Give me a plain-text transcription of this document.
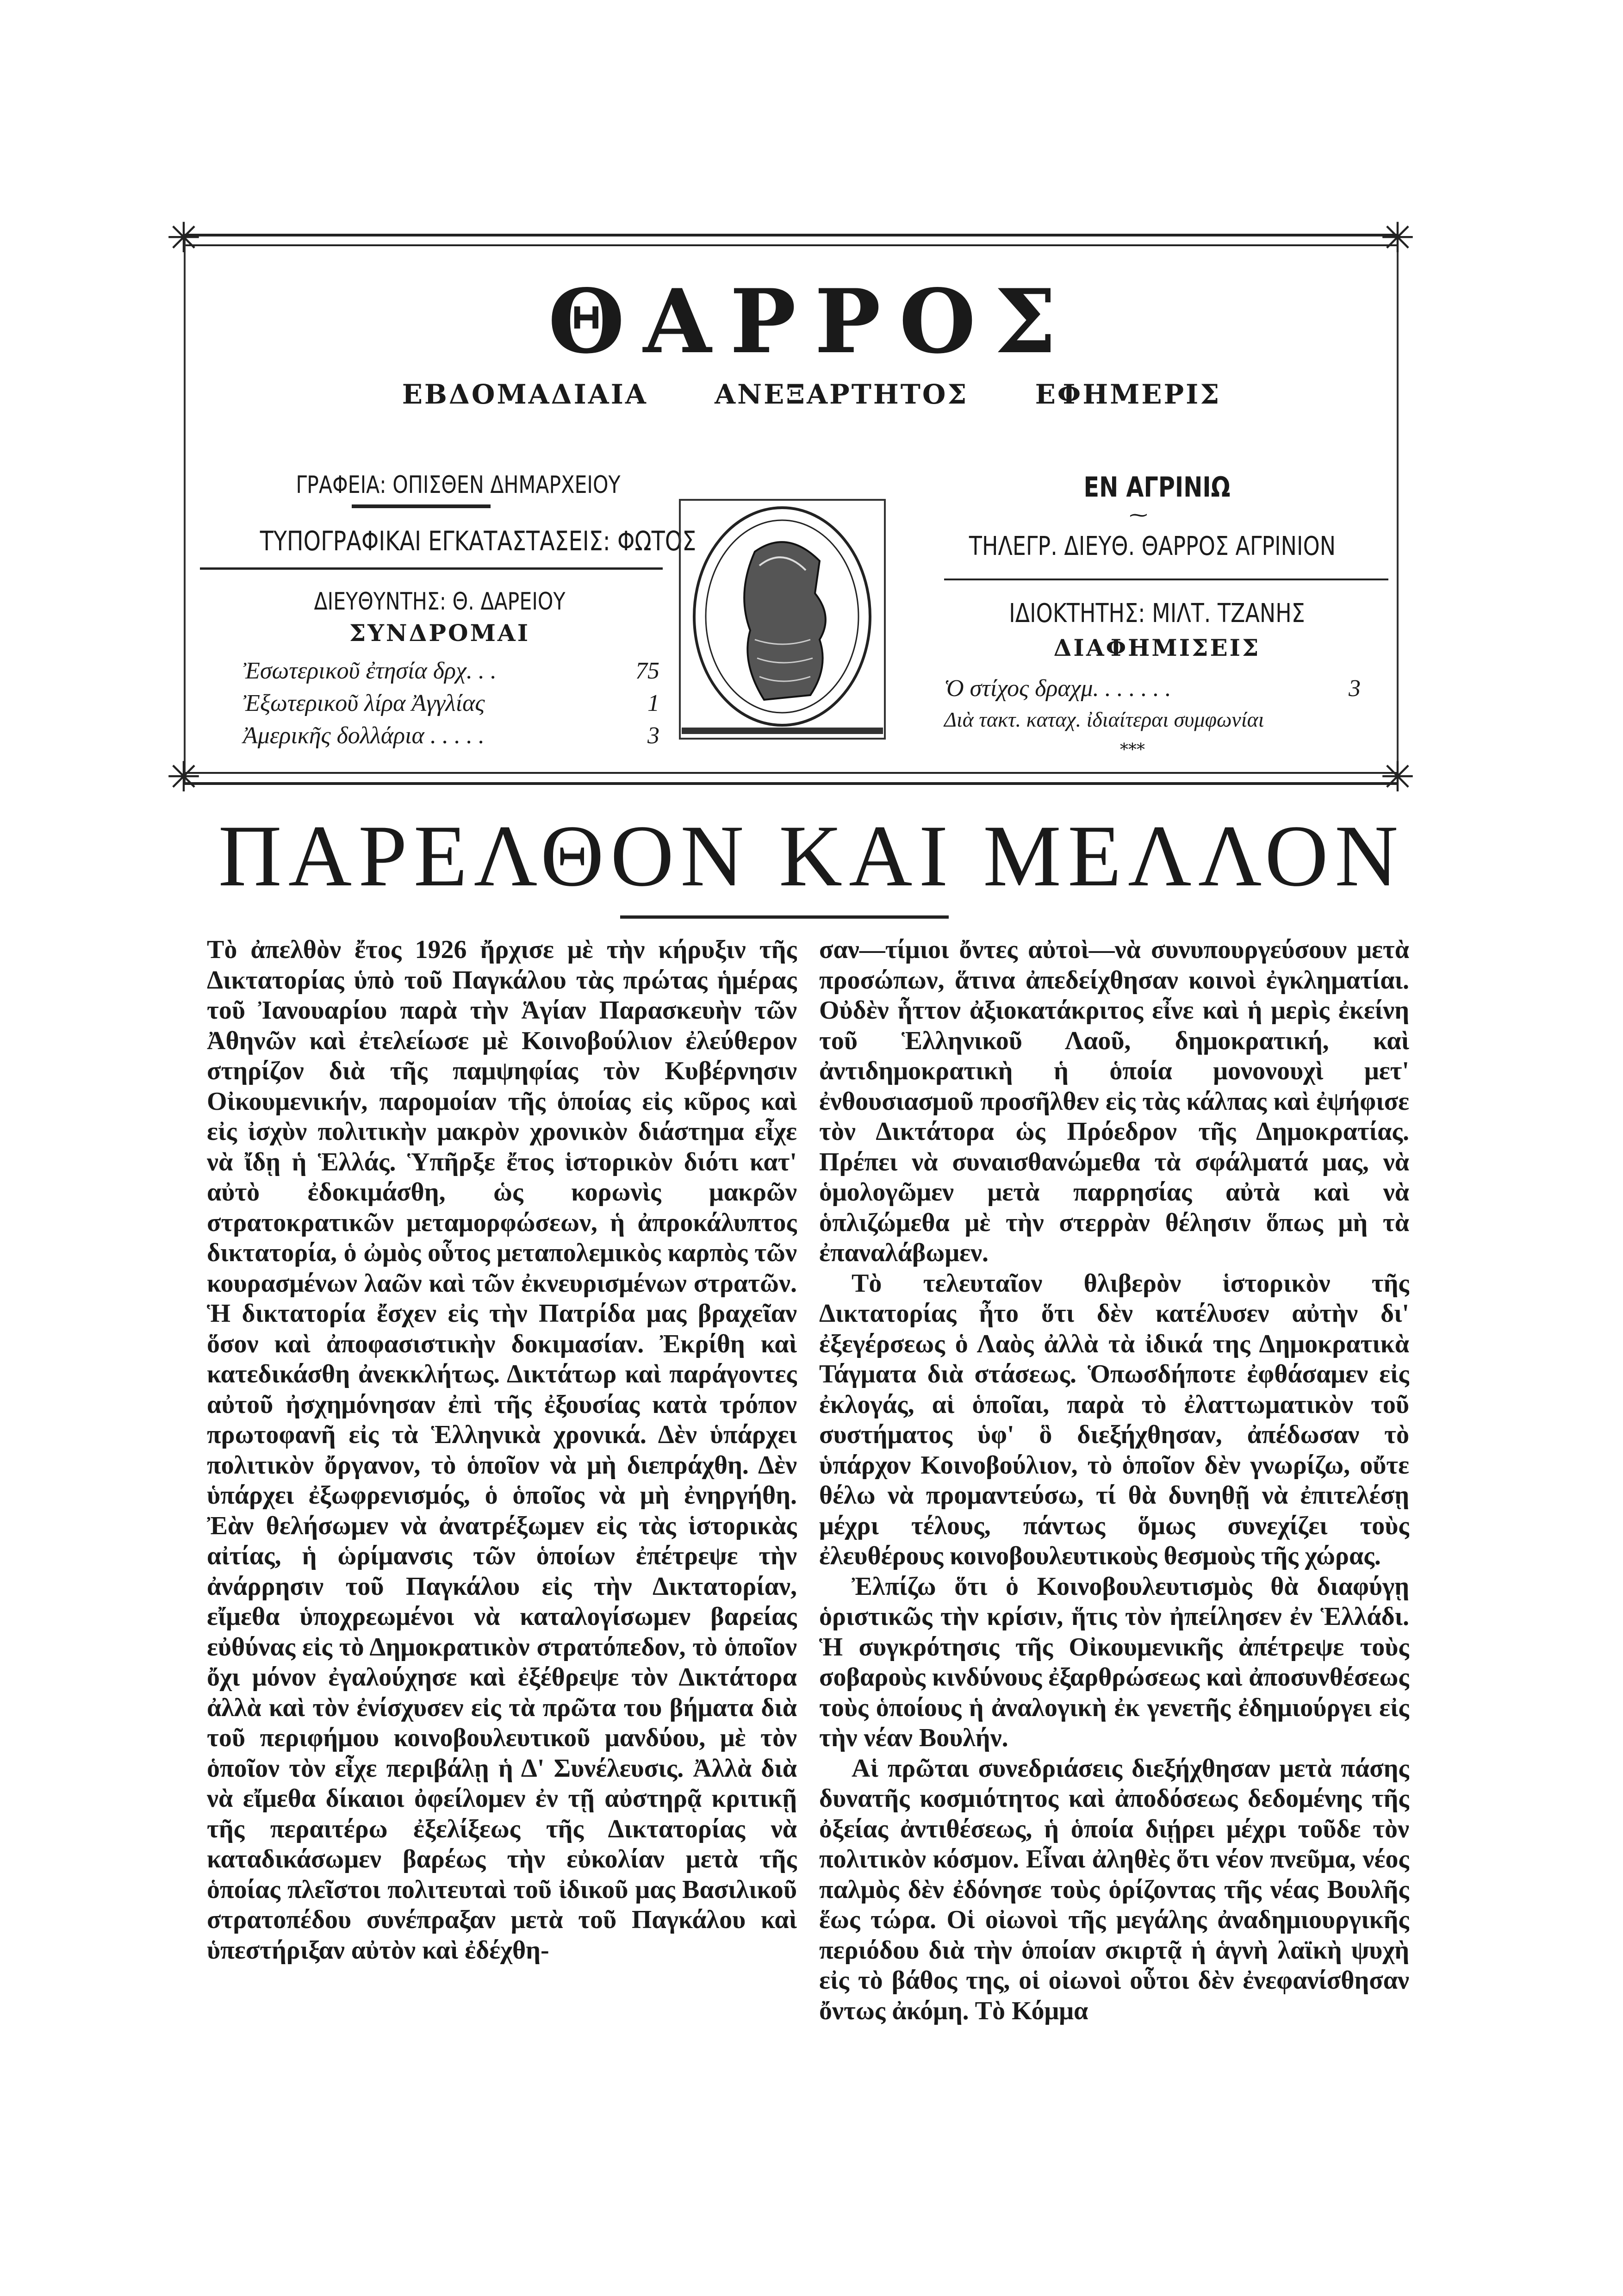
✳	✳
✳	✳
ΘΑΡΡΟΣ
ΕΒΔΟΜΑΔΙΑΙΑ ΑΝΕΞΑΡΤΗΤΟΣ ΕΦΗΜΕΡΙΣ
ΓΡΑΦΕΙΑ: ΟΠΙΣΘΕΝ ΔΗΜΑΡΧΕΙΟΥ
ΤΥΠΟΓΡΑΦΙΚΑΙ ΕΓΚΑΤΑΣΤΑΣΕΙΣ: ΦΩΤΟΣ
ΔΙΕΥΘΥΝΤΗΣ: Θ. ΔΑΡΕΙΟΥ
ΣΥΝΔΡΟΜΑΙ
Ἐσωτερικοῦ ἐτησία δρχ. . .	75
Ἐξωτερικοῦ λίρα Ἀγγλίας	1
Ἀμερικῆς δολλάρια . . . . .	3
ΕΝ ΑΓΡΙΝΙΩ
⁓
ΤΗΛΕΓΡ. ΔΙΕΥΘ. ΘΑΡΡΟΣ ΑΓΡΙΝΙΟΝ
ΙΔΙΟΚΤΗΤΗΣ: ΜΙΛΤ. ΤΖΑΝΗΣ
ΔΙΑΦΗΜΙΣΕΙΣ
Ὁ στίχος δραχμ. . . . . . .	3
Διὰ τακτ. καταχ. ἰδιαίτεραι συμφωνίαι
***
ΠΑΡΕΛΘΟΝ ΚΑΙ ΜΕΛΛΟΝ

Τὸ ἀπελθὸν ἔτος 1926 ἤρχισε μὲ τὴν κήρυξιν τῆς Δικτατορίας ὑπὸ τοῦ Παγκάλου τὰς πρώτας ἡμέρας τοῦ Ἰανουαρίου παρὰ τὴν Ἁγίαν Παρασκευὴν τῶν Ἀθηνῶν καὶ ἐτελείωσε μὲ Κοινοβούλιον ἐλεύθερον στηρίζον διὰ τῆς παμψηφίας τὸν Κυβέρνησιν Οἰκουμενικήν, παρομοίαν τῆς ὁποίας εἰς κῦρος καὶ εἰς ἰσχὺν πολιτικὴν μακρὸν χρονικὸν διάστημα εἶχε νὰ ἴδῃ ἡ Ἑλλάς. Ὑπῆρξε ἔτος ἱστορικὸν διότι κατ' αὐτὸ ἐδοκιμάσθη, ὡς κορωνὶς μακρῶν στρατοκρατικῶν μεταμορφώσεων, ἡ ἀπροκάλυπτος δικτατορία, ὁ ὠμὸς οὗτος μεταπολεμικὸς καρπὸς τῶν κουρασμένων λαῶν καὶ τῶν ἐκνευρισμένων στρατῶν. Ἡ δικτατορία ἔσχεν εἰς τὴν Πατρίδα μας βραχεῖαν ὅσον καὶ ἀποφασιστικὴν δοκιμασίαν. Ἐκρίθη καὶ κατεδικάσθη ἀνεκκλήτως. Δικτάτωρ καὶ παράγοντες αὐτοῦ ἠσχημόνησαν ἐπὶ τῆς ἐξουσίας κατὰ τρόπον πρωτοφανῆ εἰς τὰ Ἑλληνικὰ χρονικά. Δὲν ὑπάρχει πολιτικὸν ὄργανον, τὸ ὁποῖον νὰ μὴ διεπράχθη. Δὲν ὑπάρχει ἐξωφρενισμός, ὁ ὁποῖος νὰ μὴ ἐνηργήθη. Ἐὰν θελήσωμεν νὰ ἀνατρέξωμεν εἰς τὰς ἱστορικὰς αἰτίας, ἡ ὡρίμανσις τῶν ὁποίων ἐπέτρεψε τὴν ἀνάρρησιν τοῦ Παγκάλου εἰς τὴν Δικτατορίαν, εἴμεθα ὑποχρεωμένοι νὰ καταλογίσωμεν βαρείας εὐθύνας εἰς τὸ Δημοκρατικὸν στρατόπεδον, τὸ ὁποῖον ὄχι μόνον ἐγαλούχησε καὶ ἐξέθρεψε τὸν Δικτάτορα ἀλλὰ καὶ τὸν ἐνίσχυσεν εἰς τὰ πρῶτα του βήματα διὰ τοῦ περιφήμου κοινοβουλευτικοῦ μανδύου, μὲ τὸν ὁποῖον τὸν εἶχε περιβάλῃ ἡ Δ' Συνέλευσις. Ἀλλὰ διὰ νὰ εἴμεθα δίκαιοι ὀφείλομεν ἐν τῇ αὐστηρᾷ κριτικῇ τῆς περαιτέρω ἐξελίξεως τῆς Δικτατορίας νὰ καταδικάσωμεν βαρέως τὴν εὐκολίαν μετὰ τῆς ὁποίας πλεῖστοι πολιτευταὶ τοῦ ἰδικοῦ μας Βασιλικοῦ στρατοπέδου συνέπραξαν μετὰ τοῦ Παγκάλου καὶ ὑπεστήριξαν αὐτὸν καὶ ἐδέχθη-

σαν—τίμιοι ὄντες αὐτοὶ—νὰ συνυπουργεύσουν μετὰ προσώπων, ἅτινα ἀπεδείχθησαν κοινοὶ ἐγκληματίαι. Οὐδὲν ἧττον ἀξιοκατάκριτος εἶνε καὶ ἡ μερὶς ἐκείνη τοῦ Ἑλληνικοῦ Λαοῦ, δημοκρατική, καὶ ἀντιδημοκρατικὴ ἡ ὁποία μονονουχὶ μετ' ἐνθουσιασμοῦ προσῆλθεν εἰς τὰς κάλπας καὶ ἐψήφισε τὸν Δικτάτορα ὡς Πρόεδρον τῆς Δημοκρατίας. Πρέπει νὰ συναισθανώμεθα τὰ σφάλματά μας, νὰ ὁμολογῶμεν μετὰ παρρησίας αὐτὰ καὶ νὰ ὁπλιζώμεθα μὲ τὴν στερρὰν θέλησιν ὅπως μὴ τὰ ἐπαναλάβωμεν.

Τὸ τελευταῖον θλιβερὸν ἱστορικὸν τῆς Δικτατορίας ἦτο ὅτι δὲν κατέλυσεν αὐτὴν δι' ἐξεγέρσεως ὁ Λαὸς ἀλλὰ τὰ ἰδικά της Δημοκρατικὰ Τάγματα διὰ στάσεως. Ὁπωσδήποτε ἐφθάσαμεν εἰς ἐκλογάς, αἱ ὁποῖαι, παρὰ τὸ ἐλαττωματικὸν τοῦ συστήματος ὑφ' ὃ διεξήχθησαν, ἀπέδωσαν τὸ ὑπάρχον Κοινοβούλιον, τὸ ὁποῖον δὲν γνωρίζω, οὔτε θέλω νὰ προμαντεύσω, τί θὰ δυνηθῇ νὰ ἐπιτελέσῃ μέχρι τέλους, πάντως ὅμως συνεχίζει τοὺς ἐλευθέρους κοινοβουλευτικοὺς θεσμοὺς τῆς χώρας.

Ἐλπίζω ὅτι ὁ Κοινοβουλευτισμὸς θὰ διαφύγῃ ὁριστικῶς τὴν κρίσιν, ἥτις τὸν ἠπείλησεν ἐν Ἑλλάδι. Ἡ συγκρότησις τῆς Οἰκουμενικῆς ἀπέτρεψε τοὺς σοβαροὺς κινδύνους ἐξαρθρώσεως καὶ ἀποσυνθέσεως τοὺς ὁποίους ἡ ἀναλογικὴ ἐκ γενετῆς ἐδημιούργει εἰς τὴν νέαν Βουλήν.

Αἱ πρῶται συνεδριάσεις διεξήχθησαν μετὰ πάσης δυνατῆς κοσμιότητος καὶ ἀποδόσεως δεδομένης τῆς ὀξείας ἀντιθέσεως, ἡ ὁποία διῄρει μέχρι τοῦδε τὸν πολιτικὸν κόσμον. Εἶναι ἀληθὲς ὅτι νέον πνεῦμα, νέος παλμὸς δὲν ἐδόνησε τοὺς ὁρίζοντας τῆς νέας Βουλῆς ἕως τώρα. Οἱ οἰωνοὶ τῆς μεγάλης ἀναδημιουργικῆς περιόδου διὰ τὴν ὁποίαν σκιρτᾷ ἡ ἁγνὴ λαϊκὴ ψυχὴ εἰς τὸ βάθος της, οἱ οἰωνοὶ οὗτοι δὲν ἐνεφανίσθησαν ὄντως ἀκόμη. Τὸ Κόμμα
